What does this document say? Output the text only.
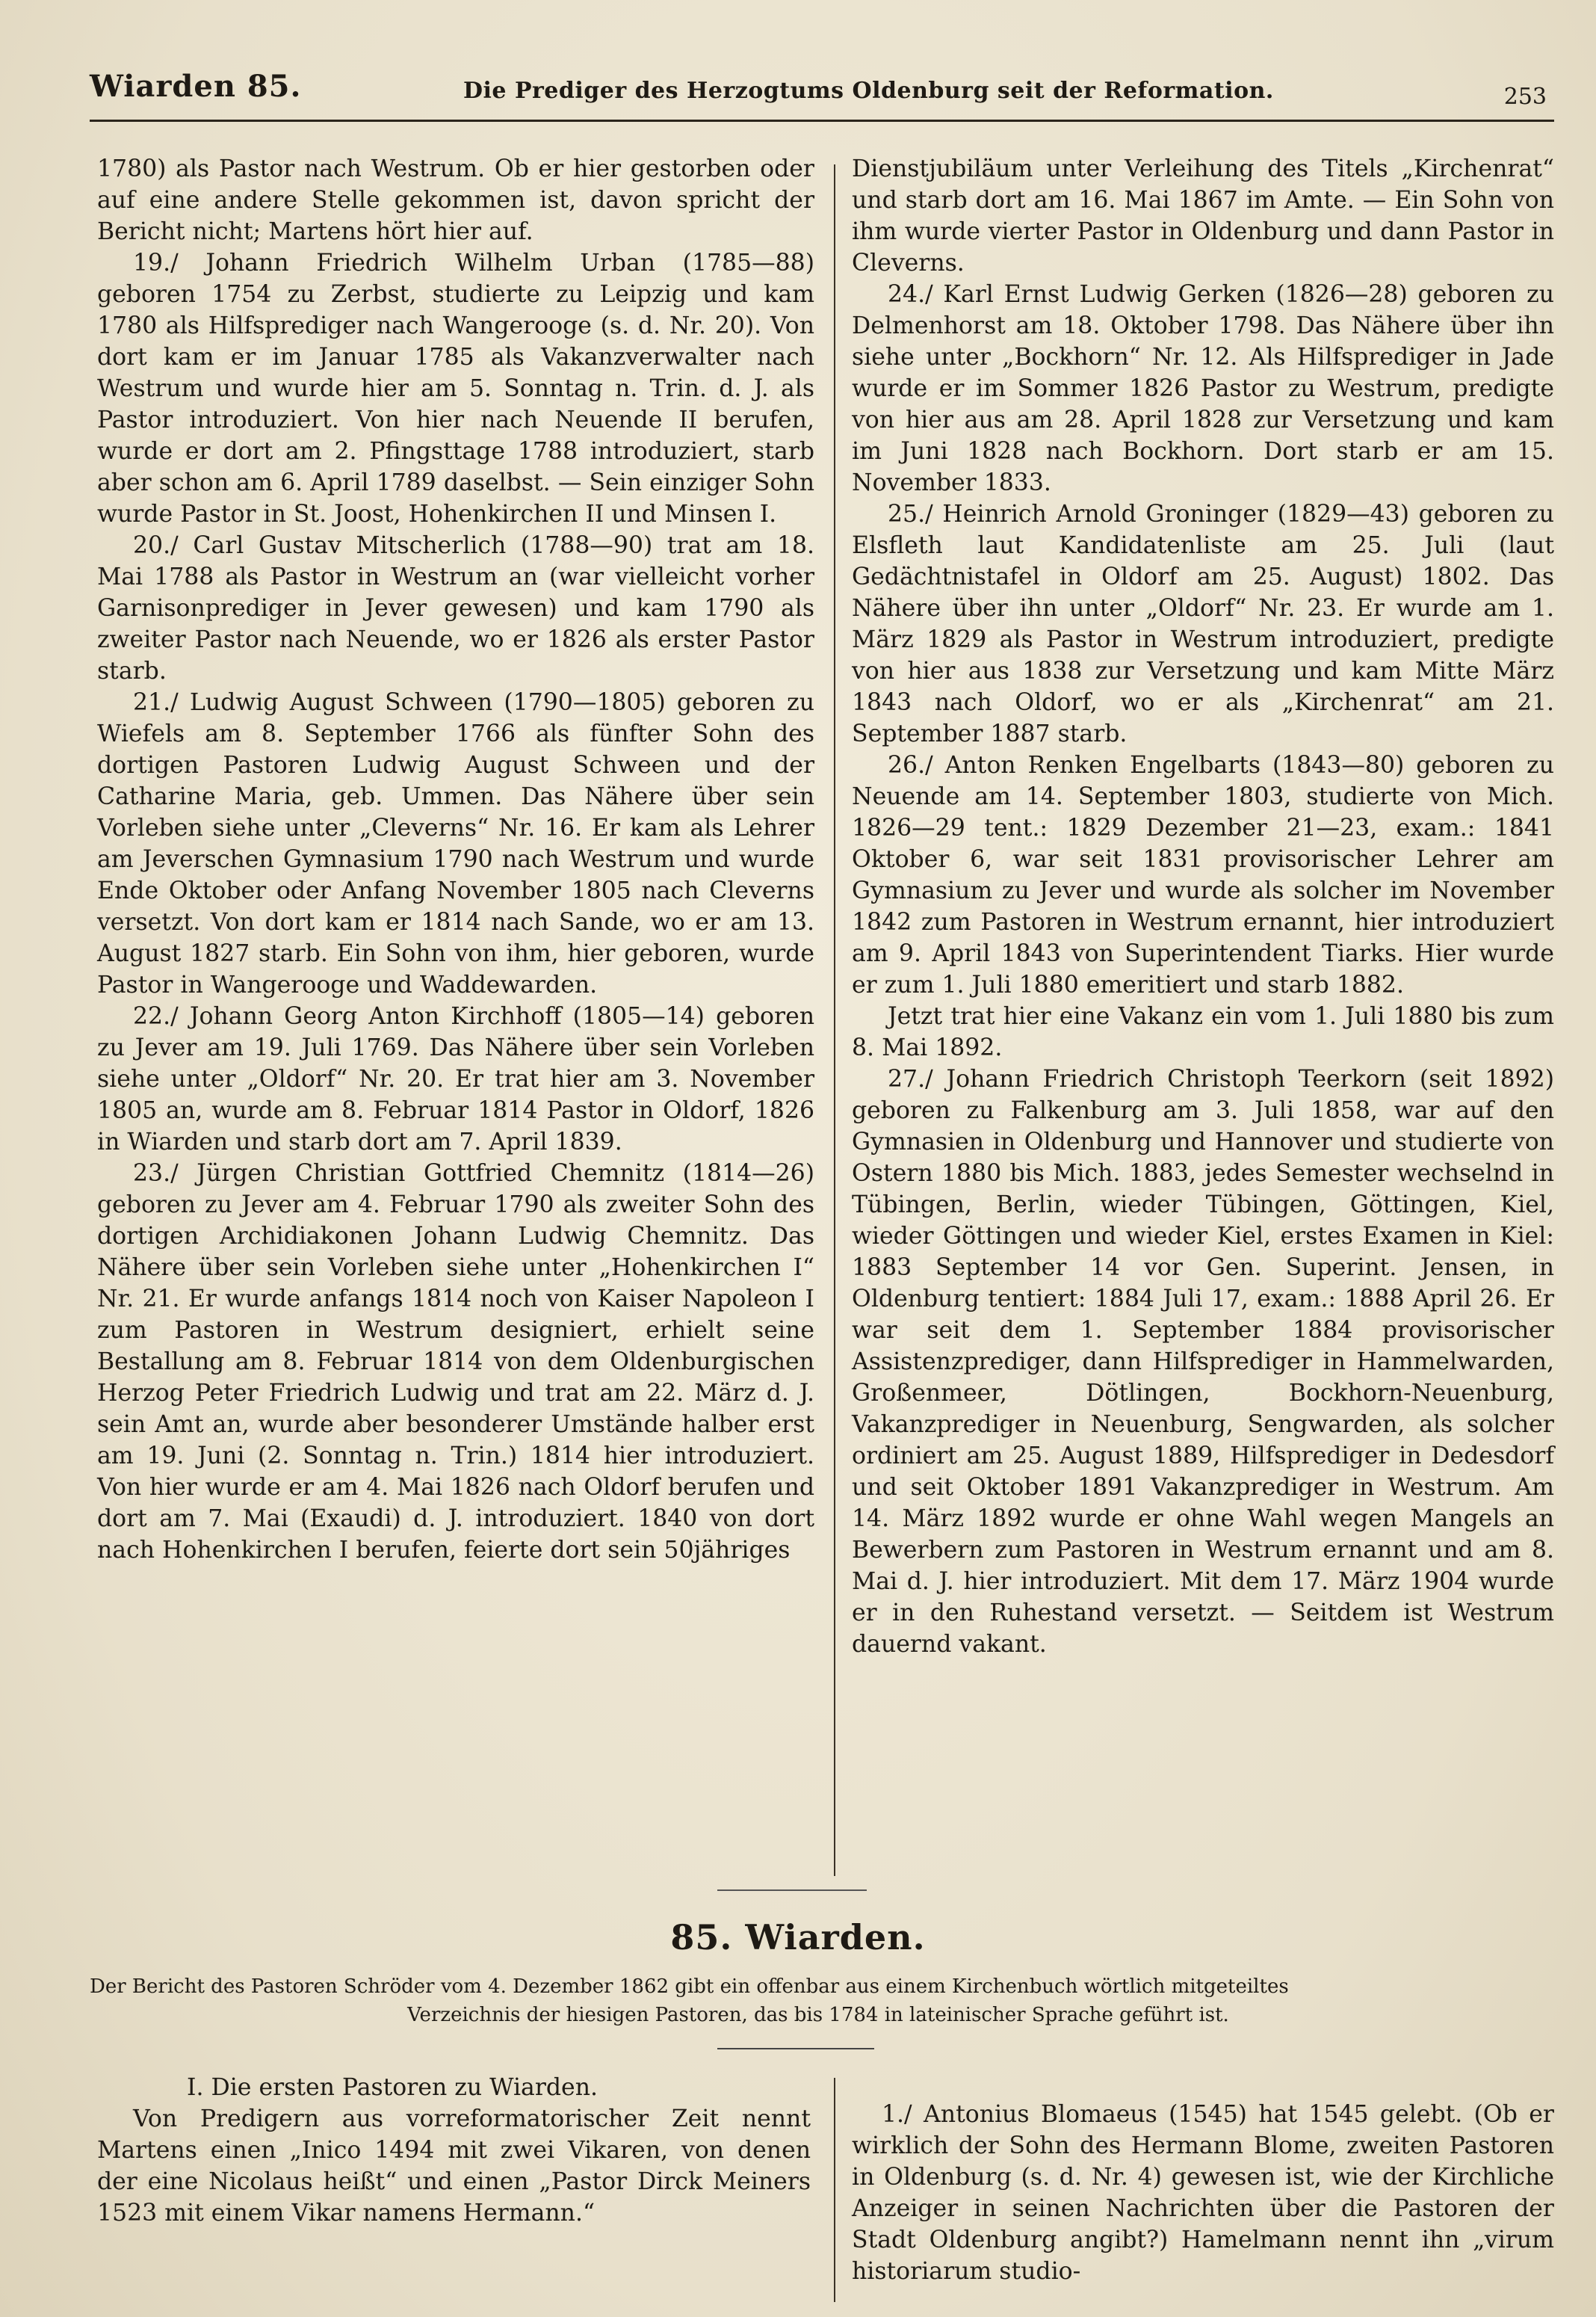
Wiarden 85.	Die Prediger des Herzogtums Oldenburg seit der Reformation.	253

1780) als Pastor nach Westrum. Ob er hier gestorben oder auf eine andere Stelle gekommen ist, davon spricht der Bericht nicht; Martens hört hier auf.

19./ Johann Friedrich Wilhelm Urban (1785—88) geboren 1754 zu Zerbst, studierte zu Leipzig und kam 1780 als Hilfsprediger nach Wangerooge (s. d. Nr. 20). Von dort kam er im Januar 1785 als Vakanzverwalter nach Westrum und wurde hier am 5. Sonntag n. Trin. d. J. als Pastor introduziert. Von hier nach Neuende II berufen, wurde er dort am 2. Pfingsttage 1788 introduziert, starb aber schon am 6. April 1789 daselbst. — Sein einziger Sohn wurde Pastor in St. Joost, Hohenkirchen II und Minsen I.

20./ Carl Gustav Mitscherlich (1788—90) trat am 18. Mai 1788 als Pastor in Westrum an (war vielleicht vorher Garnisonprediger in Jever gewesen) und kam 1790 als zweiter Pastor nach Neuende, wo er 1826 als erster Pastor starb.

21./ Ludwig August Schween (1790—1805) geboren zu Wiefels am 8. September 1766 als fünfter Sohn des dortigen Pastoren Ludwig August Schween und der Catharine Maria, geb. Ummen. Das Nähere über sein Vorleben siehe unter „Cleverns“ Nr. 16. Er kam als Lehrer am Jeverschen Gymnasium 1790 nach Westrum und wurde Ende Oktober oder Anfang November 1805 nach Cleverns versetzt. Von dort kam er 1814 nach Sande, wo er am 13. August 1827 starb. Ein Sohn von ihm, hier geboren, wurde Pastor in Wangerooge und Waddewarden.

22./ Johann Georg Anton Kirchhoff (1805—14) geboren zu Jever am 19. Juli 1769. Das Nähere über sein Vorleben siehe unter „Oldorf“ Nr. 20. Er trat hier am 3. November 1805 an, wurde am 8. Februar 1814 Pastor in Oldorf, 1826 in Wiarden und starb dort am 7. April 1839.

23./ Jürgen Christian Gottfried Chemnitz (1814—26) geboren zu Jever am 4. Februar 1790 als zweiter Sohn des dortigen Archidiakonen Johann Ludwig Chemnitz. Das Nähere über sein Vorleben siehe unter „Hohenkirchen I“ Nr. 21. Er wurde anfangs 1814 noch von Kaiser Napoleon I zum Pastoren in Westrum designiert, erhielt seine Bestallung am 8. Februar 1814 von dem Oldenburgischen Herzog Peter Friedrich Ludwig und trat am 22. März d. J. sein Amt an, wurde aber besonderer Umstände halber erst am 19. Juni (2. Sonntag n. Trin.) 1814 hier introduziert. Von hier wurde er am 4. Mai 1826 nach Oldorf berufen und dort am 7. Mai (Exaudi) d. J. introduziert. 1840 von dort nach Hohenkirchen I berufen, feierte dort sein 50jähriges

Dienstjubiläum unter Verleihung des Titels „Kirchenrat“ und starb dort am 16. Mai 1867 im Amte. — Ein Sohn von ihm wurde vierter Pastor in Oldenburg und dann Pastor in Cleverns.

24./ Karl Ernst Ludwig Gerken (1826—28) geboren zu Delmenhorst am 18. Oktober 1798. Das Nähere über ihn siehe unter „Bockhorn“ Nr. 12. Als Hilfsprediger in Jade wurde er im Sommer 1826 Pastor zu Westrum, predigte von hier aus am 28. April 1828 zur Versetzung und kam im Juni 1828 nach Bockhorn. Dort starb er am 15. November 1833.

25./ Heinrich Arnold Groninger (1829—43) geboren zu Elsfleth laut Kandidatenliste am 25. Juli (laut Gedächtnistafel in Oldorf am 25. August) 1802. Das Nähere über ihn unter „Oldorf“ Nr. 23. Er wurde am 1. März 1829 als Pastor in Westrum introduziert, predigte von hier aus 1838 zur Versetzung und kam Mitte März 1843 nach Oldorf, wo er als „Kirchenrat“ am 21. September 1887 starb.

26./ Anton Renken Engelbarts (1843—80) geboren zu Neuende am 14. September 1803, studierte von Mich. 1826—29 tent.: 1829 Dezember 21—23, exam.: 1841 Oktober 6, war seit 1831 provisorischer Lehrer am Gymnasium zu Jever und wurde als solcher im November 1842 zum Pastoren in Westrum ernannt, hier introduziert am 9. April 1843 von Superintendent Tiarks. Hier wurde er zum 1. Juli 1880 emeritiert und starb 1882.

Jetzt trat hier eine Vakanz ein vom 1. Juli 1880 bis zum 8. Mai 1892.

27./ Johann Friedrich Christoph Teerkorn (seit 1892) geboren zu Falkenburg am 3. Juli 1858, war auf den Gymnasien in Oldenburg und Hannover und studierte von Ostern 1880 bis Mich. 1883, jedes Semester wechselnd in Tübingen, Berlin, wieder Tübingen, Göttingen, Kiel, wieder Göttingen und wieder Kiel, erstes Examen in Kiel: 1883 September 14 vor Gen. Superint. Jensen, in Oldenburg tentiert: 1884 Juli 17, exam.: 1888 April 26. Er war seit dem 1. September 1884 provisorischer Assistenzprediger, dann Hilfsprediger in Hammelwarden, Großenmeer, Dötlingen, Bockhorn-Neuenburg, Vakanzprediger in Neuenburg, Sengwarden, als solcher ordiniert am 25. August 1889, Hilfsprediger in Dedesdorf und seit Oktober 1891 Vakanzprediger in Westrum. Am 14. März 1892 wurde er ohne Wahl wegen Mangels an Bewerbern zum Pastoren in Westrum ernannt und am 8. Mai d. J. hier introduziert. Mit dem 17. März 1904 wurde er in den Ruhestand versetzt. — Seitdem ist Westrum dauernd vakant.

85. Wiarden.
Der Bericht des Pastoren Schröder vom 4. Dezember 1862 gibt ein offenbar aus einem Kirchenbuch wörtlich mitgeteiltes
Verzeichnis der hiesigen Pastoren, das bis 1784 in lateinischer Sprache geführt ist.

I. Die ersten Pastoren zu Wiarden.

Von Predigern aus vorreformatorischer Zeit nennt Martens einen „Inico 1494 mit zwei Vikaren, von denen der eine Nicolaus heißt“ und einen „Pastor Dirck Meiners 1523 mit einem Vikar namens Hermann.“

1./ Antonius Blomaeus (1545) hat 1545 gelebt. (Ob er wirklich der Sohn des Hermann Blome, zweiten Pastoren in Oldenburg (s. d. Nr. 4) gewesen ist, wie der Kirchliche Anzeiger in seinen Nachrichten über die Pastoren der Stadt Oldenburg angibt?) Hamelmann nennt ihn „virum historiarum studio-
